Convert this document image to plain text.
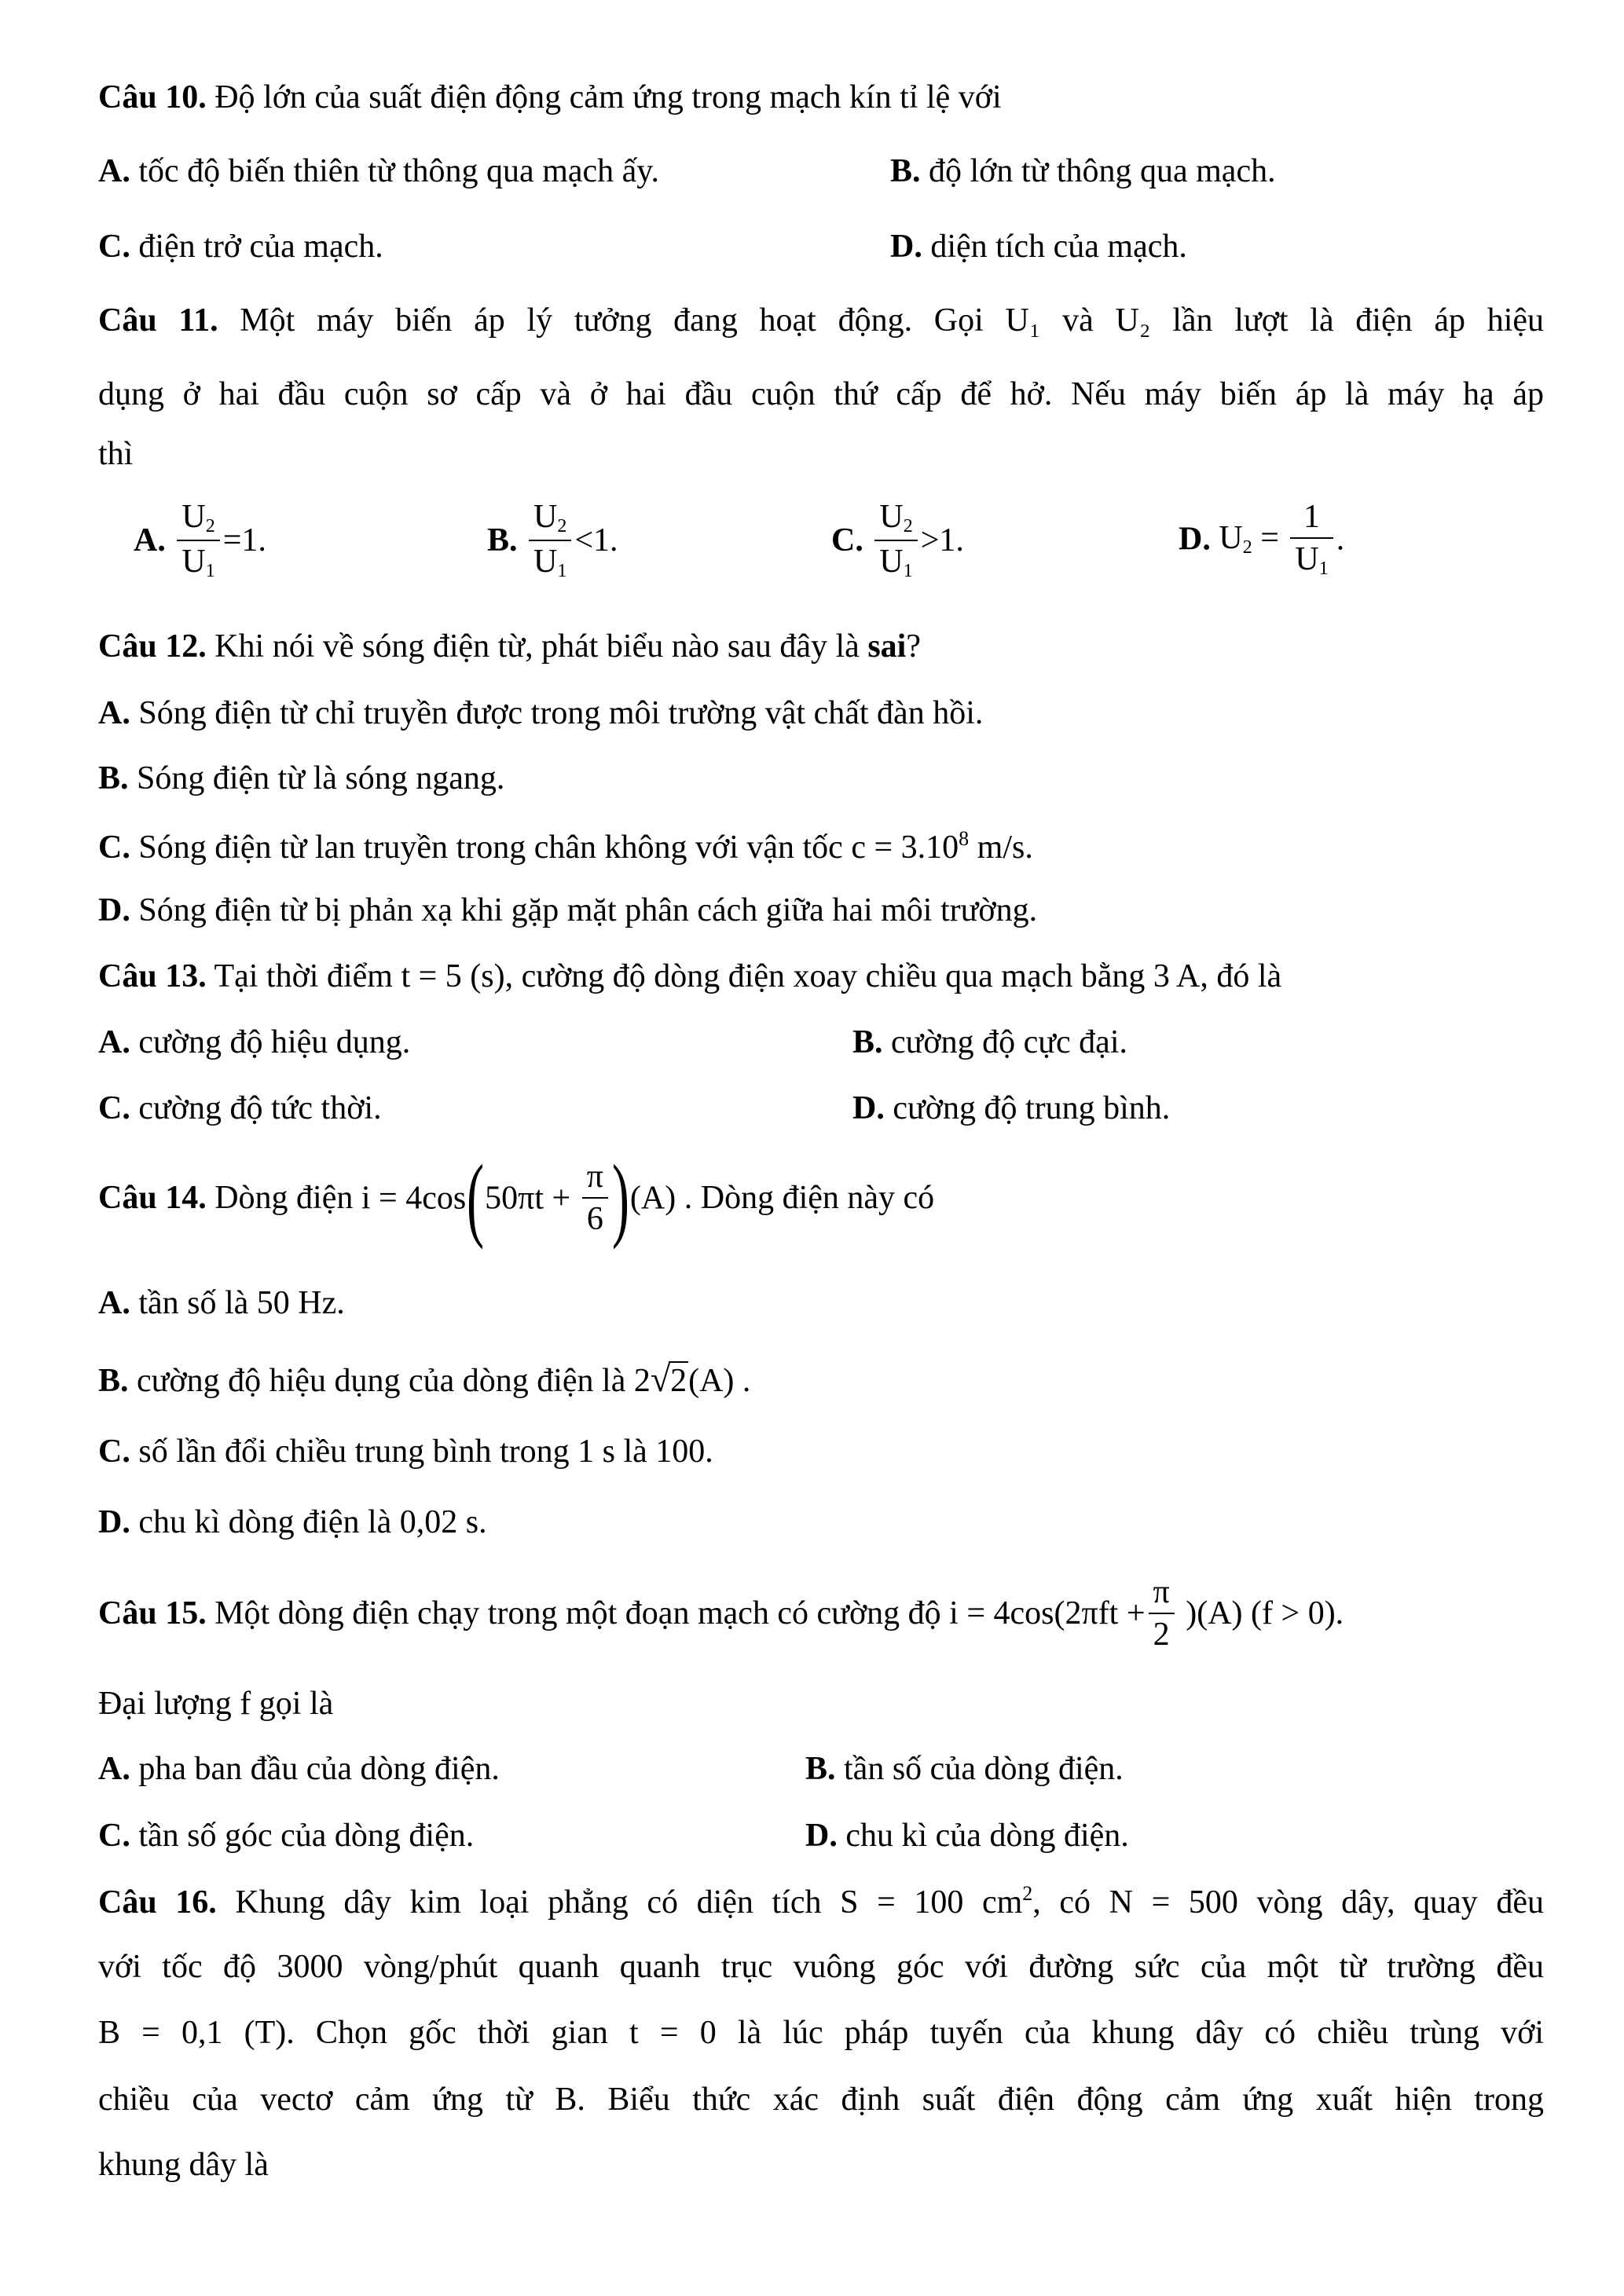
Câu 10. Độ lớn của suất điện động cảm ứng trong mạch kín tỉ lệ với
A. tốc độ biến thiên từ thông qua mạch ấy.	B. độ lớn từ thông qua mạch.
C. điện trở của mạch.	D. diện tích của mạch.
Câu 11. Một máy biến áp lý tưởng đang hoạt động. Gọi U₁ và U₂ lần lượt là điện áp hiệu
dụng ở hai đầu cuộn sơ cấp và ở hai đầu cuộn thứ cấp để hở. Nếu máy biến áp là máy hạ áp
thì
A. $\frac{U_2}{U_1} =1$.	B. $\frac{U_2}{U_1} <1$.	C. $\frac{U_2}{U_1} >1$.	D. $U_2 = \frac{1}{U_1}$ .
Câu 12. Khi nói về sóng điện từ, phát biểu nào sau đây là sai?
A. Sóng điện từ chỉ truyền được trong môi trường vật chất đàn hồi.
B. Sóng điện từ là sóng ngang.
C. Sóng điện từ lan truyền trong chân không với vận tốc $c = 3.10^8$ m/s.
D. Sóng điện từ bị phản xạ khi gặp mặt phân cách giữa hai môi trường.
Câu 13. Tại thời điểm t = 5 (s), cường độ dòng điện xoay chiều qua mạch bằng 3 A, đó là
A. cường độ hiệu dụng.	B. cường độ cực đại.
C. cường độ tức thời.	D. cường độ trung bình.
Câu 14. Dòng điện $i = 4\cos(50\pi t + \frac{\pi}{6} )(A)$ . Dòng điện này có
A. tần số là 50 Hz.
B. cường độ hiệu dụng của dòng điện là 2√2(A) .
C. số lần đổi chiều trung bình trong 1 s là 100.
D. chu kì dòng điện là 0,02 s.
Câu 15. Một dòng điện chạy trong một đoạn mạch có cường độ $i = 4\cos(2\pi ft + \frac{\pi}{2} )(A)$ (f > 0).
Đại lượng f gọi là
A. pha ban đầu của dòng điện.	B. tần số của dòng điện.
C. tần số góc của dòng điện.	D. chu kì của dòng điện.
Câu 16. Khung dây kim loại phẳng có diện tích S = 100 $cm^2$, có N = 500 vòng dây, quay đều
với tốc độ 3000 vòng/phút quanh quanh trục vuông góc với đường sức của một từ trường đều
B = 0,1 (T). Chọn gốc thời gian t = 0 là lúc pháp tuyến của khung dây có chiều trùng với
chiều của vectơ cảm ứng từ B. Biểu thức xác định suất điện động cảm ứng xuất hiện trong
khung dây là
